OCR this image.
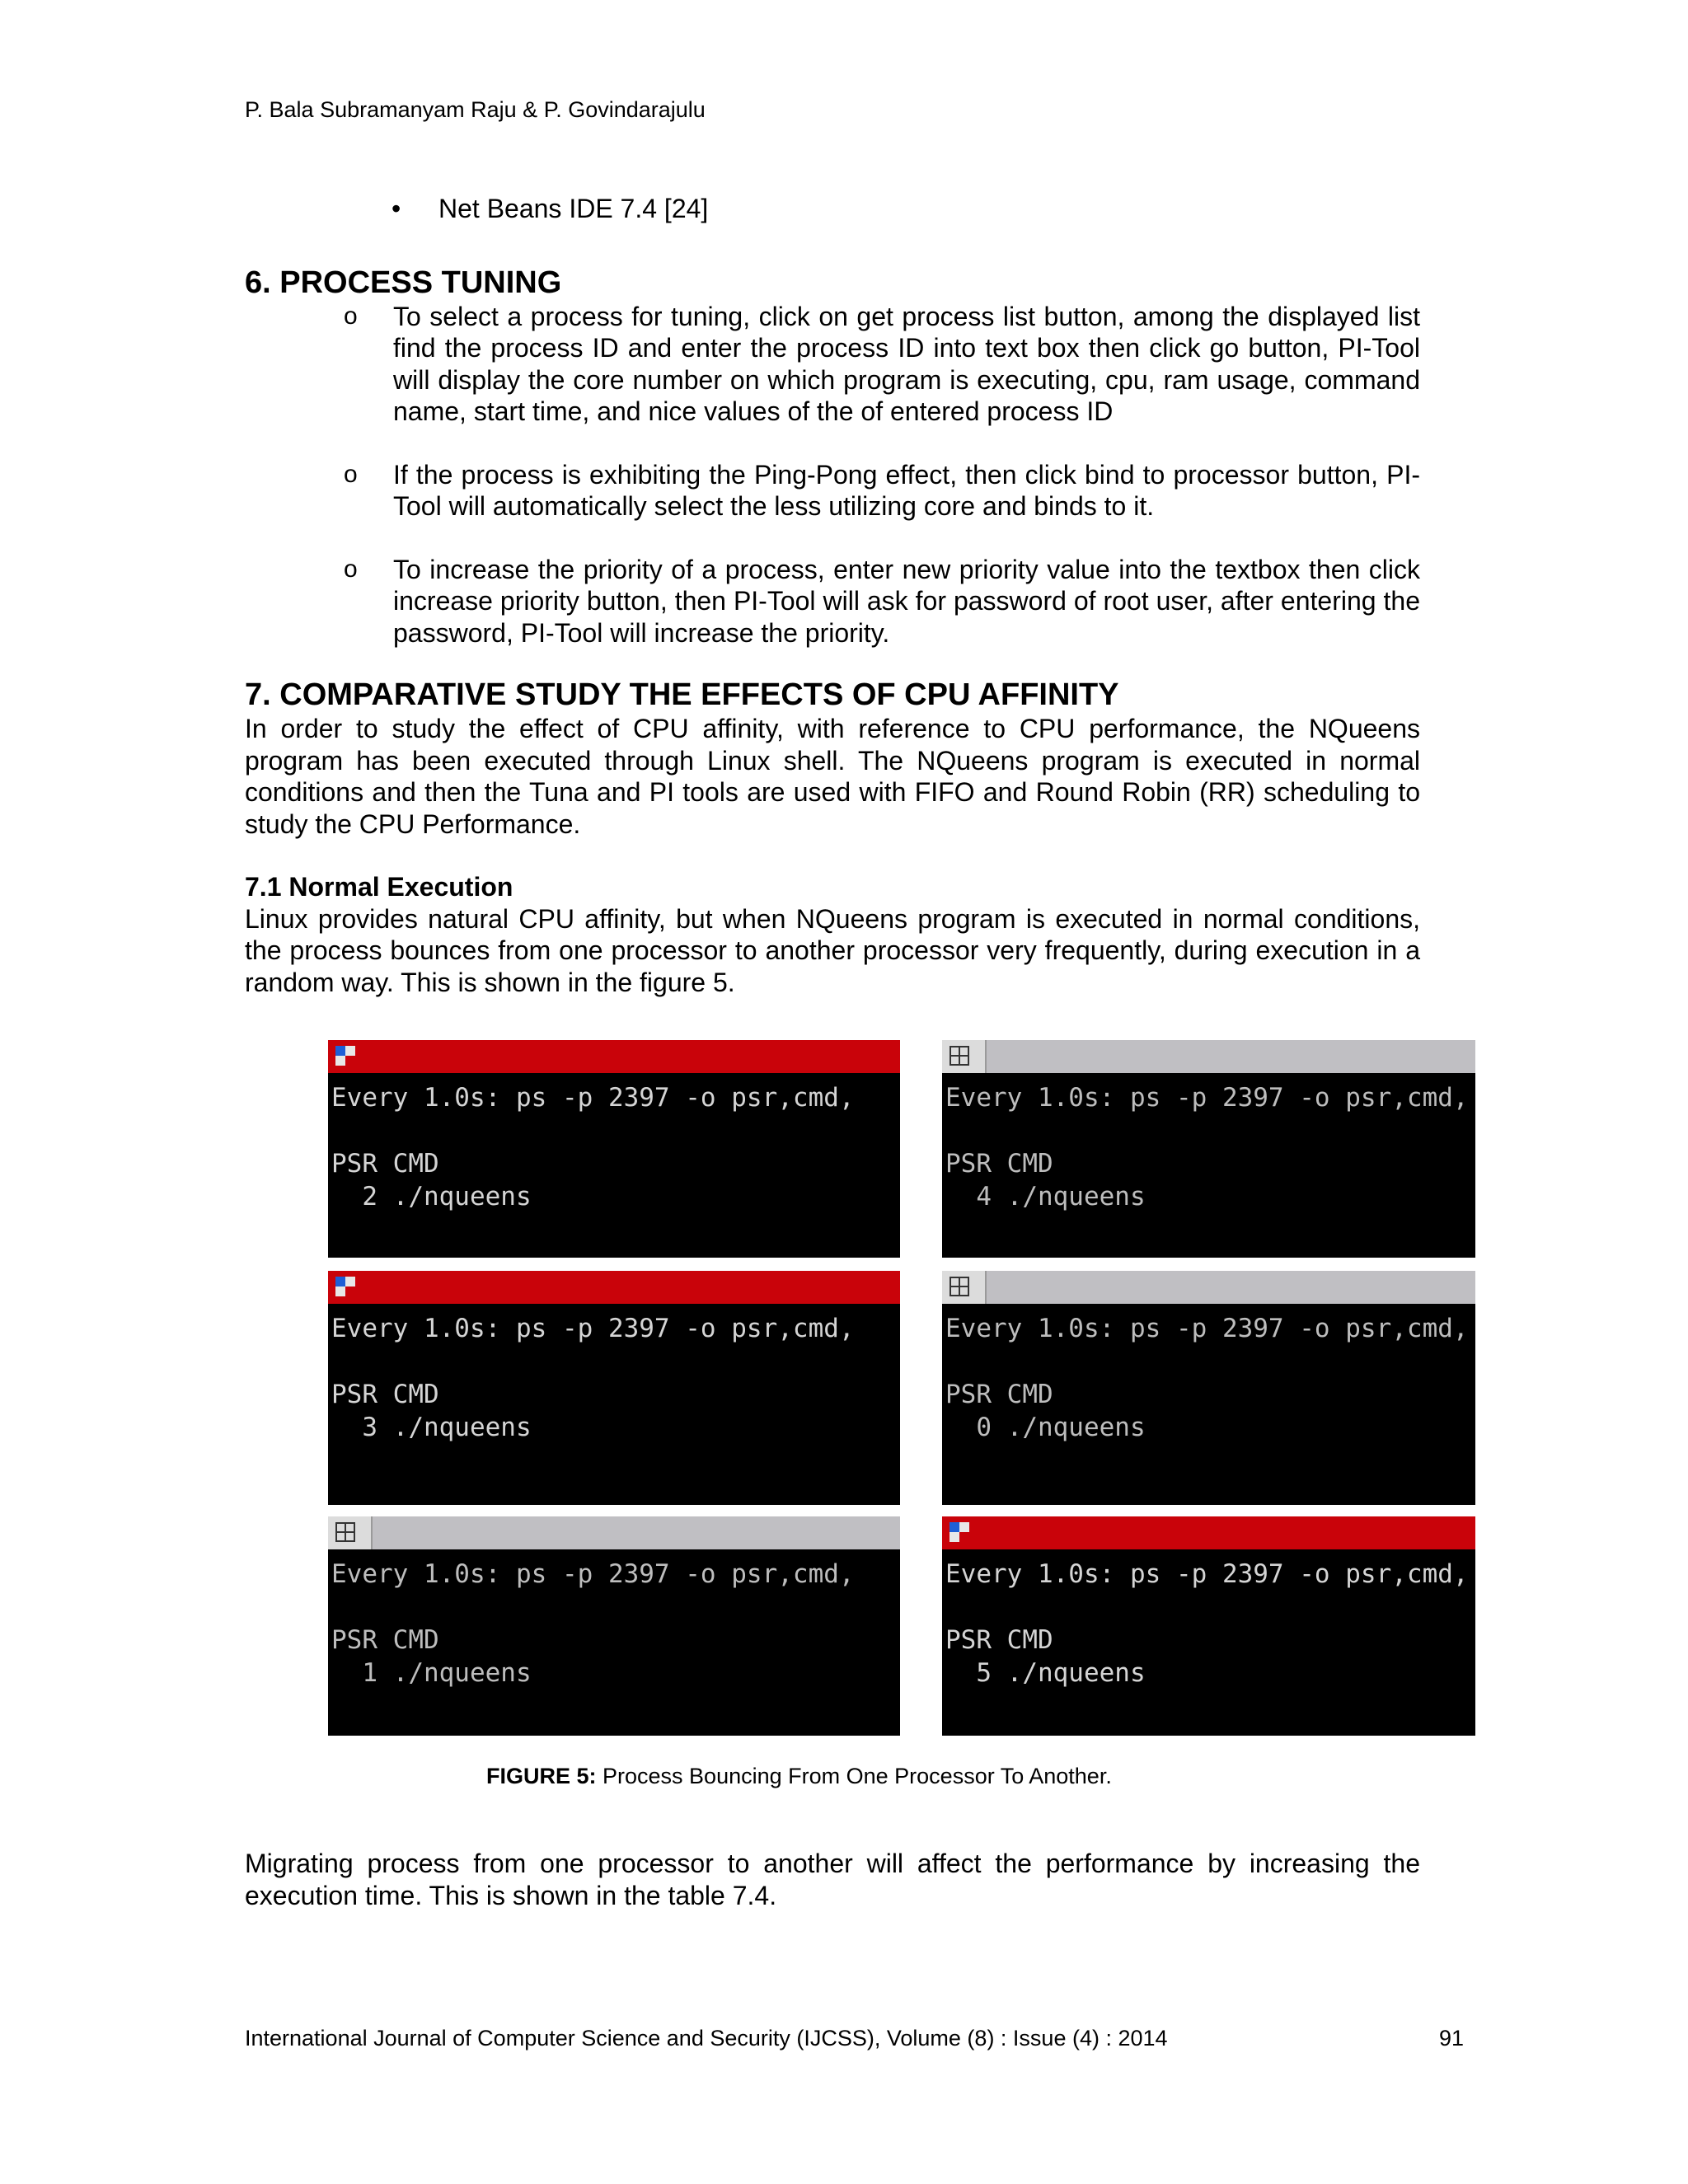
P. Bala Subramanyam Raju & P. Govindarajulu
•	Net Beans IDE 7.4 [24]
6. PROCESS TUNING
o	To select a process for tuning, click on get process list button, among the displayed list find the process ID and enter the process ID into text box then click go button, PI-Tool will display the core number on which program is executing, cpu, ram usage, command name, start time, and nice values of the of entered process ID
o	If the process is exhibiting the Ping-Pong effect, then click bind to processor button, PI-Tool will automatically select the less utilizing core and binds to it.
o	To increase the priority of a process, enter new priority value into the textbox then click increase priority button, then PI-Tool will ask for password of root user, after entering the password, PI-Tool will increase the priority.
7. COMPARATIVE STUDY THE EFFECTS OF CPU AFFINITY

In order to study the effect of CPU affinity, with reference to CPU performance, the NQueens program has been executed through Linux shell. The NQueens program is executed in normal conditions and then the Tuna and PI tools are used with FIFO and Round Robin (RR) scheduling to study the CPU Performance.

7.1 Normal Execution

Linux provides natural CPU affinity, but when NQueens program is executed in normal conditions, the process bounces from one processor to another processor very frequently, during execution in a random way. This is shown in the figure 5.

Every 1.0s: ps -p 2397 -o psr,cmd,

PSR CMD
2 ./nqueens
Every 1.0s: ps -p 2397 -o psr,cmd,

PSR CMD
4 ./nqueens
Every 1.0s: ps -p 2397 -o psr,cmd,

PSR CMD
3 ./nqueens
Every 1.0s: ps -p 2397 -o psr,cmd,

PSR CMD
0 ./nqueens
Every 1.0s: ps -p 2397 -o psr,cmd,

PSR CMD
1 ./nqueens
Every 1.0s: ps -p 2397 -o psr,cmd,

PSR CMD
5 ./nqueens
FIGURE 5: Process Bouncing From One Processor To Another.

Migrating process from one processor to another will affect the performance by increasing the execution time. This is shown in the table 7.4.

International Journal of Computer Science and Security (IJCSS), Volume (8) : Issue (4) : 2014	91
